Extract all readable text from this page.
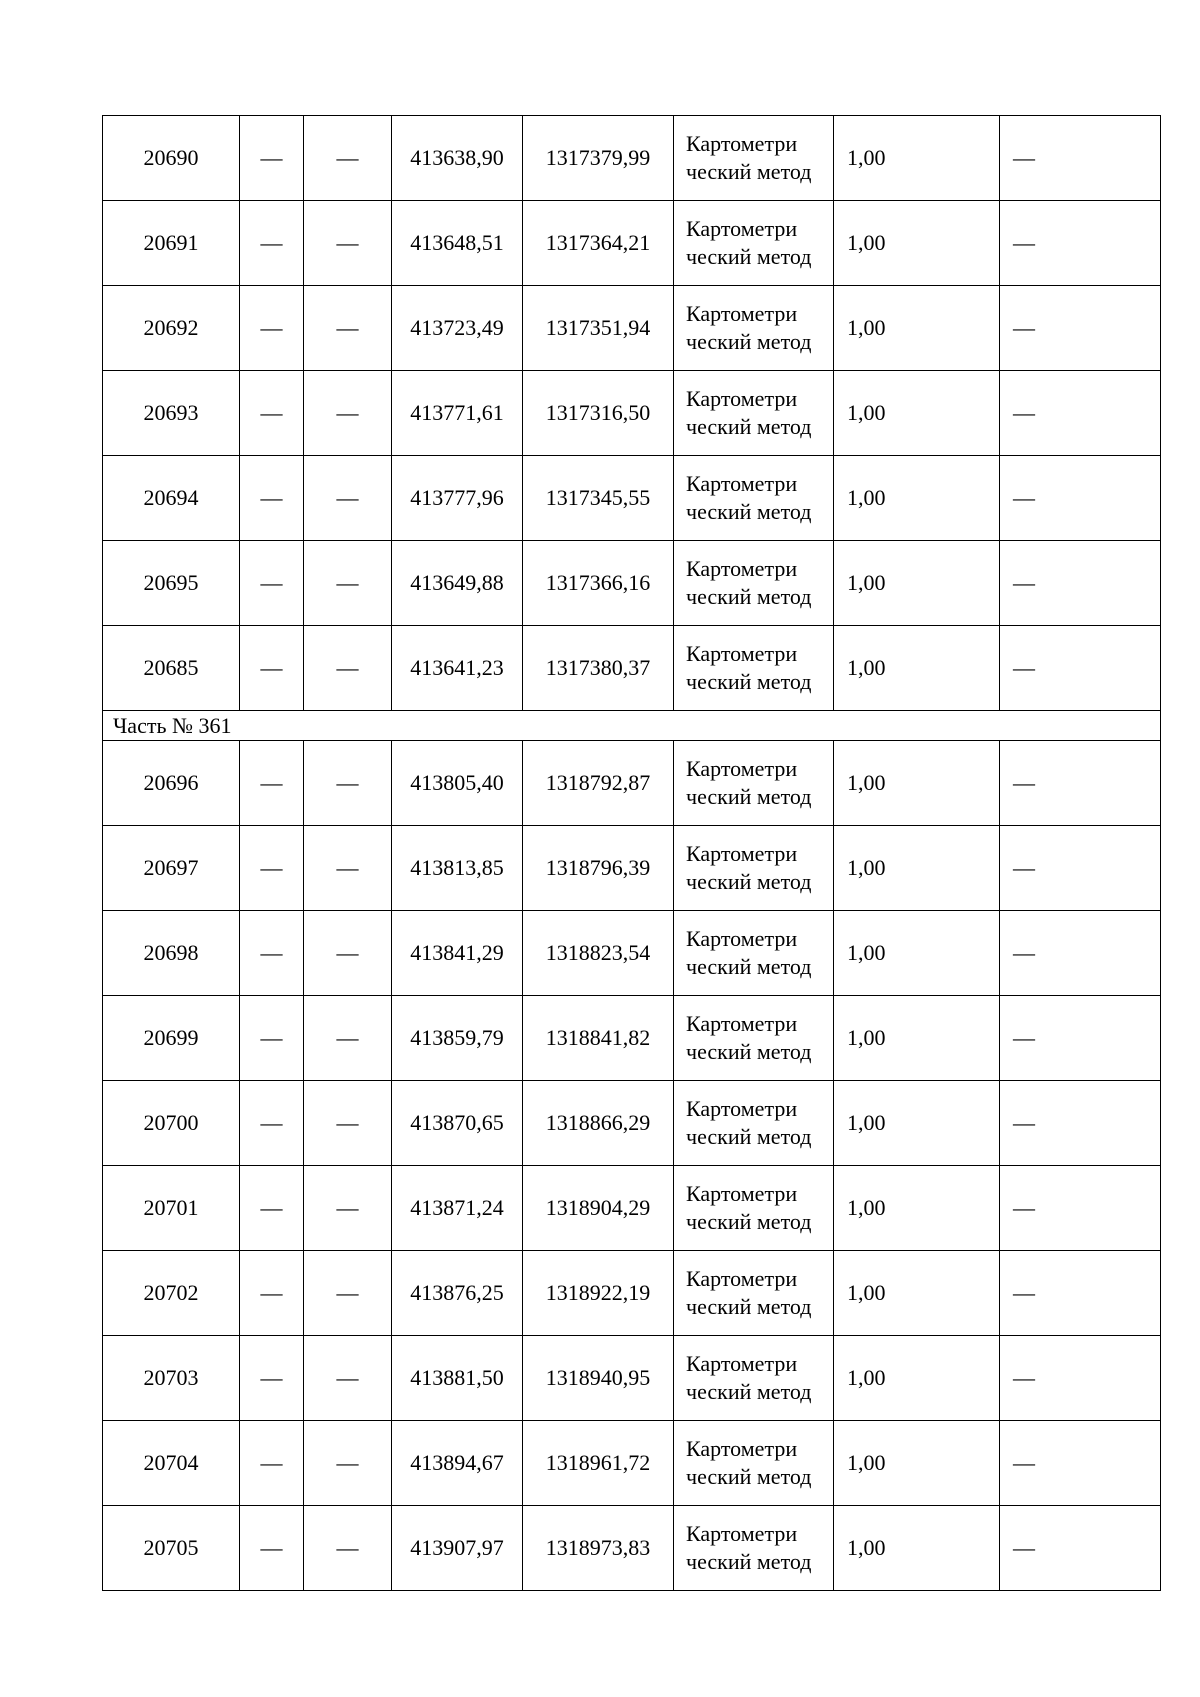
20690	—	—	413638,90	1317379,99	Картометри ческий метод	1,00	—
20691	—	—	413648,51	1317364,21	Картометри ческий метод	1,00	—
20692	—	—	413723,49	1317351,94	Картометри ческий метод	1,00	—
20693	—	—	413771,61	1317316,50	Картометри ческий метод	1,00	—
20694	—	—	413777,96	1317345,55	Картометри ческий метод	1,00	—
20695	—	—	413649,88	1317366,16	Картометри ческий метод	1,00	—
20685	—	—	413641,23	1317380,37	Картометри ческий метод	1,00	—
Часть № 361							
20696	—	—	413805,40	1318792,87	Картометри ческий метод	1,00	—
20697	—	—	413813,85	1318796,39	Картометри ческий метод	1,00	—
20698	—	—	413841,29	1318823,54	Картометри ческий метод	1,00	—
20699	—	—	413859,79	1318841,82	Картометри ческий метод	1,00	—
20700	—	—	413870,65	1318866,29	Картометри ческий метод	1,00	—
20701	—	—	413871,24	1318904,29	Картометри ческий метод	1,00	—
20702	—	—	413876,25	1318922,19	Картометри ческий метод	1,00	—
20703	—	—	413881,50	1318940,95	Картометри ческий метод	1,00	—
20704	—	—	413894,67	1318961,72	Картометри ческий метод	1,00	—
20705	—	—	413907,97	1318973,83	Картометри ческий метод	1,00	—
